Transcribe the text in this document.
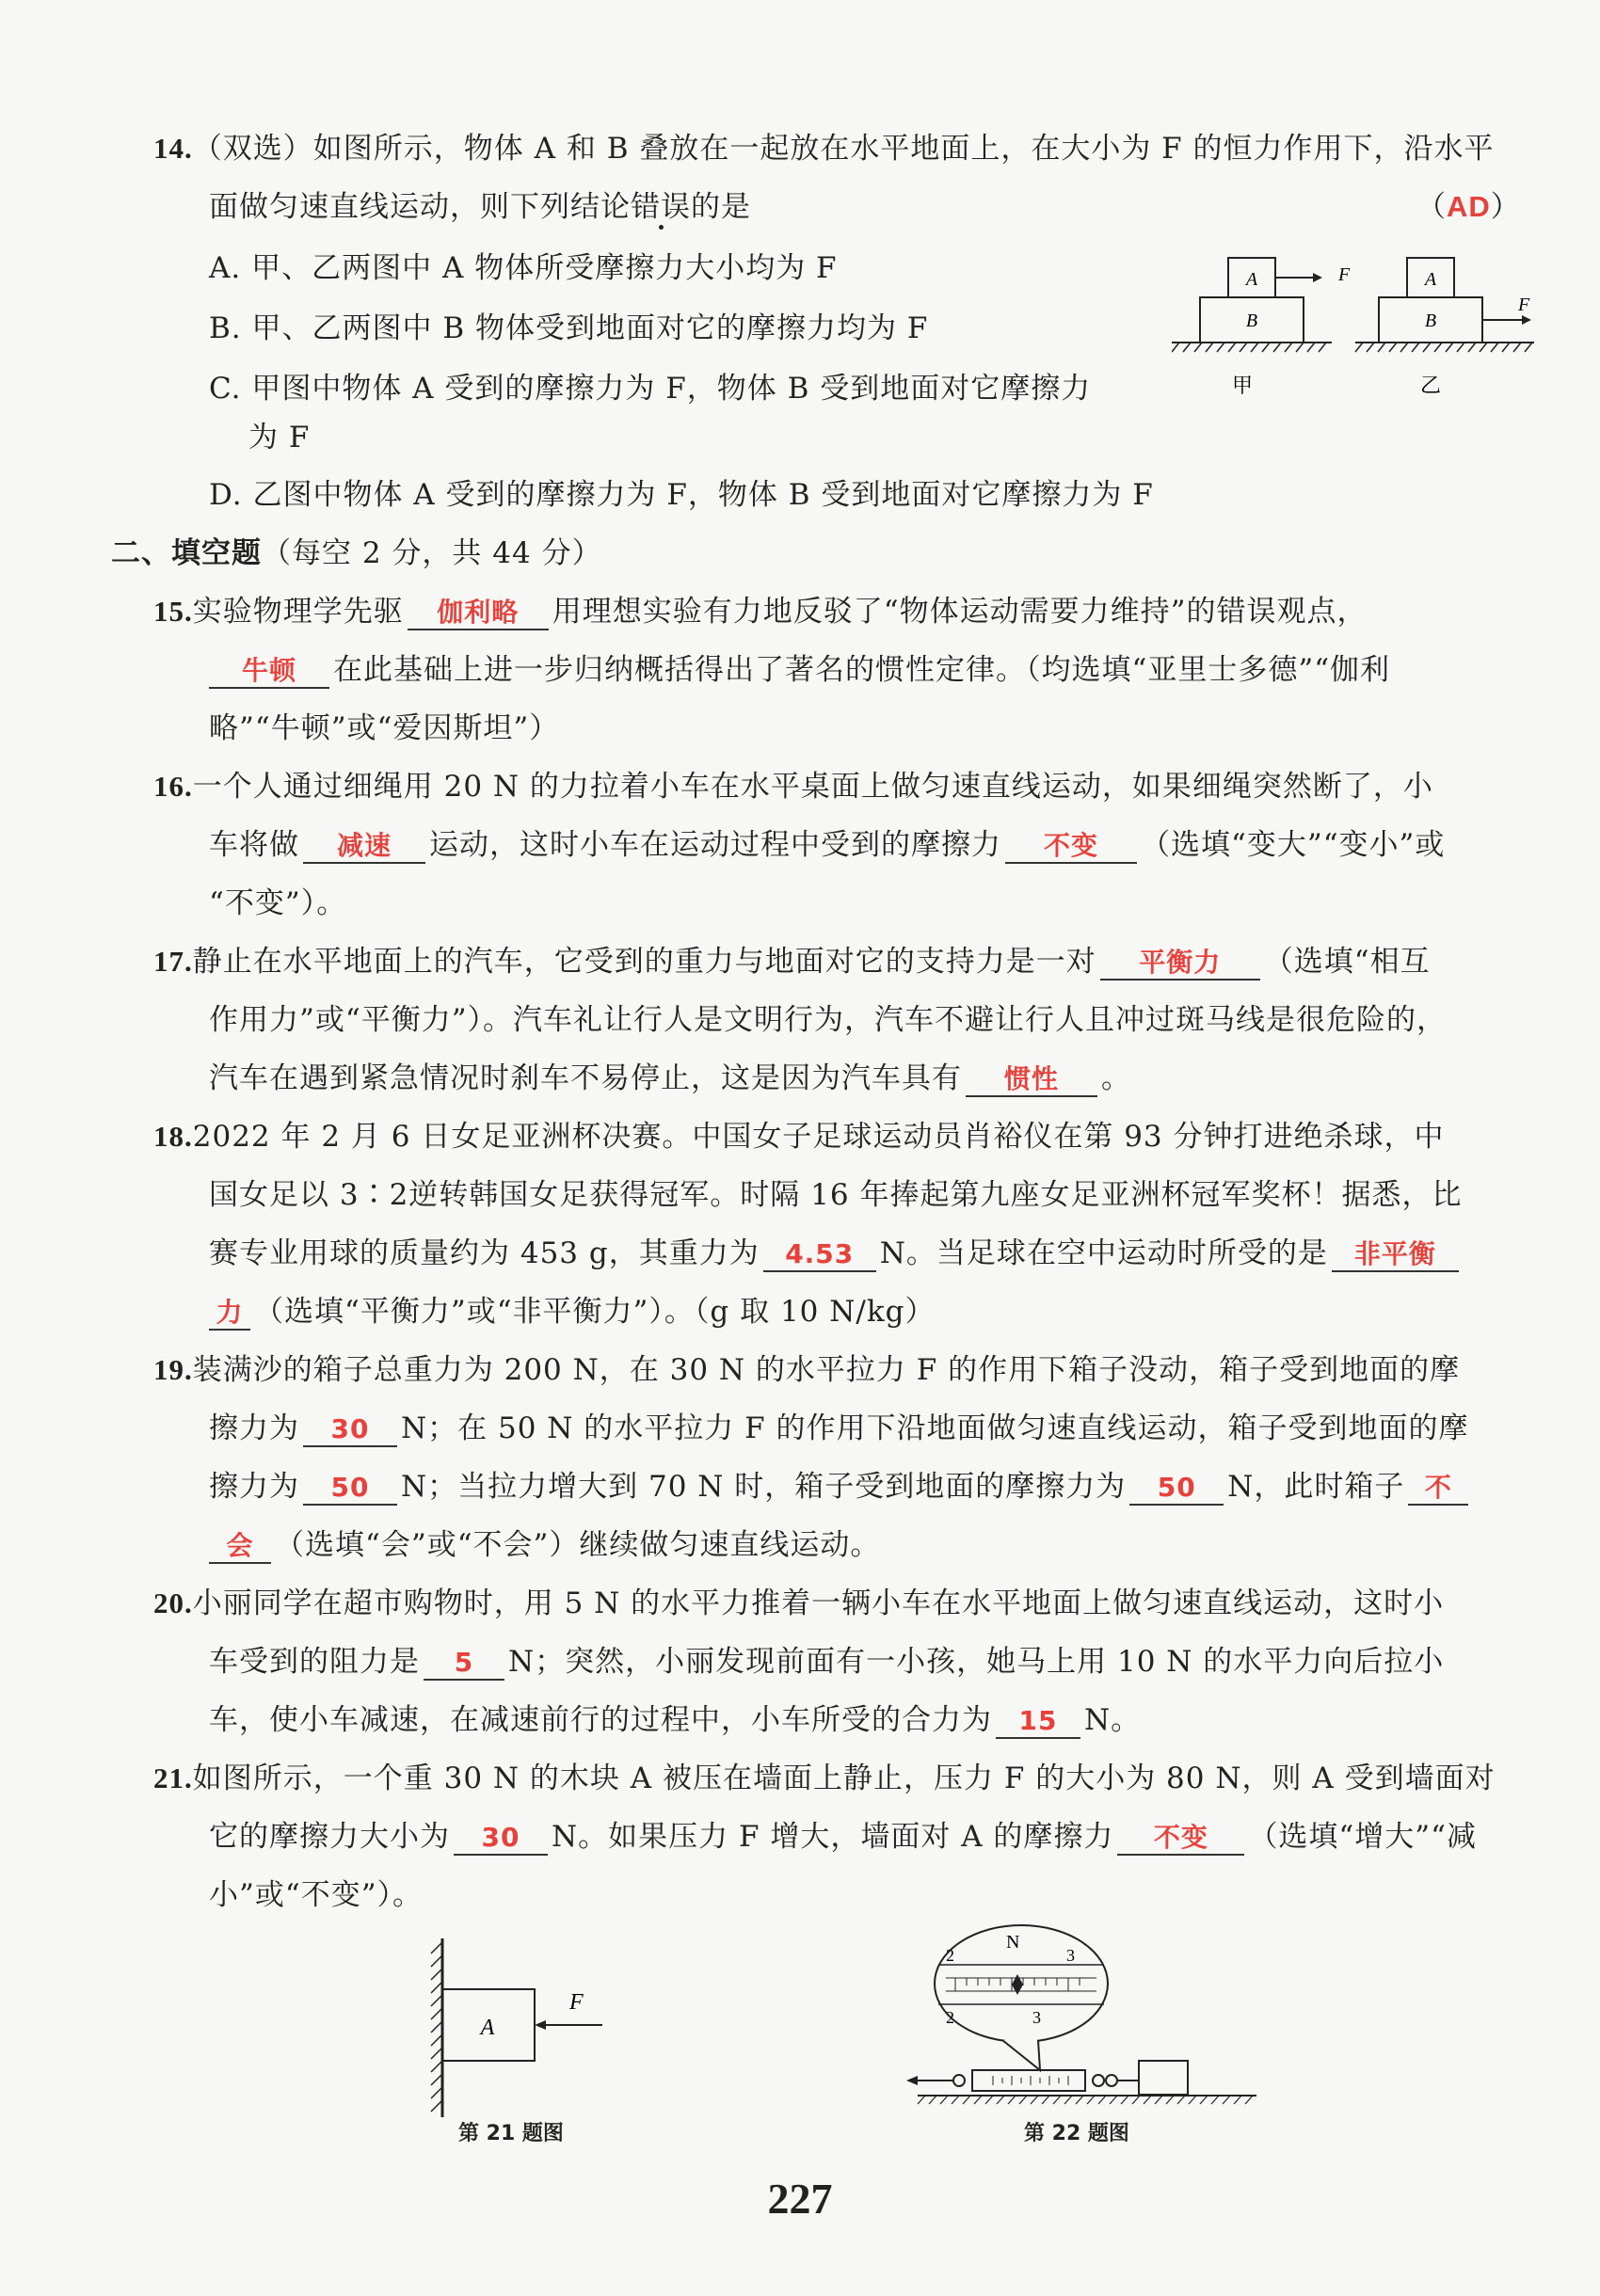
14.（双选）如图所示，物体 A 和 B 叠放在一起放在水平地面上，在大小为 F 的恒力作用下，沿水平
面做匀速直线运动，则下列结论错误的是	（AD）
A. 甲、乙两图中 A 物体所受摩擦力大小均为 F
B. 甲、乙两图中 B 物体受到地面对它的摩擦力均为 F
C. 甲图中物体 A 受到的摩擦力为 F，物体 B 受到地面对它摩擦力
为 F
D. 乙图中物体 A 受到的摩擦力为 F，物体 B 受到地面对它摩擦力为 F
A
B
F
甲
A
B
F
乙
二、填空题（每空 2 分，共 44 分）
15.实验物理学先驱 伽利略 用理想实验有力地反驳了“物体运动需要力维持”的错误观点，
牛顿 在此基础上进一步归纳概括得出了著名的惯性定律。（均选填“亚里士多德”“伽利
略”“牛顿”或“爱因斯坦”）
16.一个人通过细绳用 20 N 的力拉着小车在水平桌面上做匀速直线运动，如果细绳突然断了，小
车将做 减速 运动，这时小车在运动过程中受到的摩擦力 不变 （选填“变大”“变小”或
“不变”）。
17.静止在水平地面上的汽车，它受到的重力与地面对它的支持力是一对 平衡力 （选填“相互
作用力”或“平衡力”）。汽车礼让行人是文明行为，汽车不避让行人且冲过斑马线是很危险的，
汽车在遇到紧急情况时刹车不易停止，这是因为汽车具有 惯性 。
18.2022 年 2 月 6 日女足亚洲杯决赛。中国女子足球运动员肖裕仪在第 93 分钟打进绝杀球，中
国女足以 3∶2逆转韩国女足获得冠军。时隔 16 年捧起第九座女足亚洲杯冠军奖杯！据悉，比
赛专业用球的质量约为 453 g，其重力为 4.53 N。当足球在空中运动时所受的是 非平衡
力 （选填“平衡力”或“非平衡力”）。（g 取 10 N/kg）
19.装满沙的箱子总重力为 200 N，在 30 N 的水平拉力 F 的作用下箱子没动，箱子受到地面的摩
擦力为 30 N；在 50 N 的水平拉力 F 的作用下沿地面做匀速直线运动，箱子受到地面的摩
擦力为 50 N；当拉力增大到 70 N 时，箱子受到地面的摩擦力为 50 N，此时箱子 不
会 （选填“会”或“不会”）继续做匀速直线运动。
20.小丽同学在超市购物时，用 5 N 的水平力推着一辆小车在水平地面上做匀速直线运动，这时小
车受到的阻力是 5 N；突然，小丽发现前面有一小孩，她马上用 10 N 的水平力向后拉小
车，使小车减速，在减速前行的过程中，小车所受的合力为 15 N。
21.如图所示，一个重 30 N 的木块 A 被压在墙面上静止，压力 F 的大小为 80 N，则 A 受到墙面对
它的摩擦力大小为 30 N。如果压力 F 增大，墙面对 A 的摩擦力 不变 （选填“增大”“减
小”或“不变”）。
A
F
第 21 题图
N
2	3
2	3
第 22 题图
227
